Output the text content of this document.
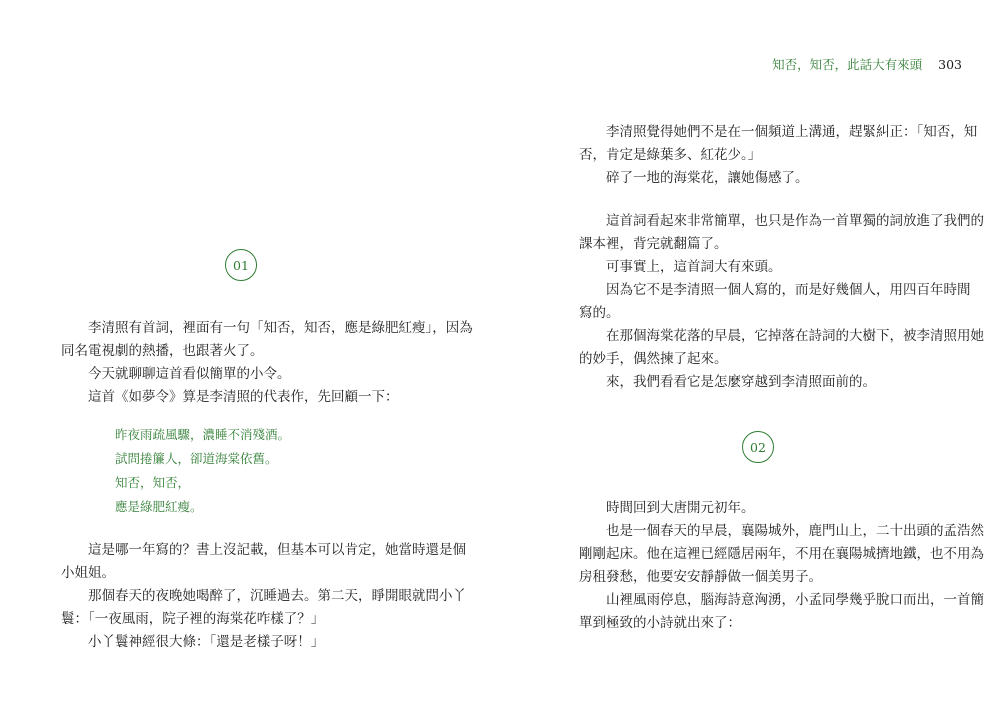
01
李清照有首詞，裡面有一句「知否，知否，應是綠肥紅瘦」，因為
同名電視劇的熱播，也跟著火了。
今天就聊聊這首看似簡單的小令。
這首《如夢令》算是李清照的代表作，先回顧一下：
昨夜雨疏風驟，濃睡不消殘酒。
試問捲簾人，卻道海棠依舊。
知否，知否，
應是綠肥紅瘦。
這是哪一年寫的？書上沒記載，但基本可以肯定，她當時還是個
小姐姐。
那個春天的夜晚她喝醉了，沉睡過去。第二天，睜開眼就問小丫
鬟：「一夜風雨，院子裡的海棠花咋樣了？」
小丫鬟神經很大條：「還是老樣子呀！」
知否，知否，此話大有來頭 303
李清照覺得她們不是在一個頻道上溝通，趕緊糾正：「知否，知
否，肯定是綠葉多、紅花少。」
碎了一地的海棠花，讓她傷感了。
這首詞看起來非常簡單，也只是作為一首單獨的詞放進了我們的
課本裡，背完就翻篇了。
可事實上，這首詞大有來頭。
因為它不是李清照一個人寫的，而是好幾個人，用四百年時間
寫的。
在那個海棠花落的早晨，它掉落在詩詞的大樹下，被李清照用她
的妙手，偶然揀了起來。
來，我們看看它是怎麼穿越到李清照面前的。
02
時間回到大唐開元初年。
也是一個春天的早晨，襄陽城外，鹿門山上，二十出頭的孟浩然
剛剛起床。他在這裡已經隱居兩年，不用在襄陽城擠地鐵，也不用為
房租發愁，他要安安靜靜做一個美男子。
山裡風雨停息，腦海詩意洶湧，小孟同學幾乎脫口而出，一首簡
單到極致的小詩就出來了：
